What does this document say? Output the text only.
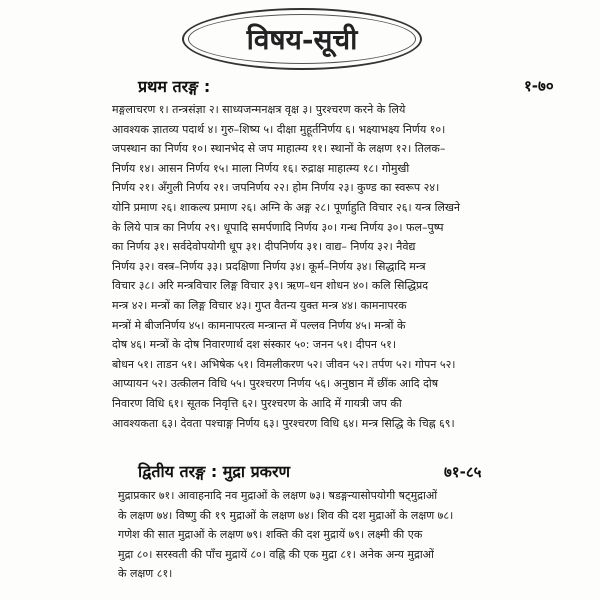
विषय-सूची
प्रथम तरङ्ग :	१-७०
मङ्गलाचरण १। तन्त्रसंज्ञा २। साध्यजन्मनक्षत्र वृक्ष ३। पुरश्चरण करने के लिये
आवश्यक ज्ञातव्य पदार्थ ४। गुरु–शिष्य ५। दीक्षा मुहूर्तनिर्णय ६। भक्ष्याभक्ष्य निर्णय १०।
जपस्थान का निर्णय १०। स्थानभेद से जप माहात्म्य ११। स्थानों के लक्षण १२। तिलक–
निर्णय १४। आसन निर्णय १५। माला निर्णय १६। रुद्राक्ष माहात्म्य १८। गोमुखी
निर्णय २१। अँगुली निर्णय २१। जपनिर्णय २२। होम निर्णय २३। कुण्ड का स्वरूप २४।
योनि प्रमाण २६। शाकल्य प्रमाण २६। अग्नि के अङ्ग २८। पूर्णाहुति विचार २६। यन्त्र लिखने
के लिये पात्र का निर्णय २९। धूपादि समर्पणादि निर्णय ३०। गन्ध निर्णय ३०। फल–पुष्प
का निर्णय ३१। सर्वदेवोपयोगी धूप ३१। दीपनिर्णय ३१। वाद्य– निर्णय ३२। नैवेद्य
निर्णय ३२। वस्त्र–निर्णय ३३। प्रदक्षिणा निर्णय ३४। कूर्म–निर्णय ३४। सिद्धादि मन्त्र
विचार ३८। अरि मन्त्रविचार लिङ्ग विचार ३९। ऋण–धन शोधन ४०। कलि सिद्धिप्रद
मन्त्र ४२। मन्त्रों का लिङ्ग विचार ४३। गुप्त वैतन्य युक्त मन्त्र ४४। कामनापरक
मन्त्रों मे बीजनिर्णय ४५। कामनापरत्व मन्त्रान्त में पल्लव निर्णय ४५। मन्त्रों के
दोष ४६। मन्त्रों के दोष निवारणार्थ दश संस्कार ५०: जनन ५१। दीपन ५१।
बोधन ५१। ताडन ५१। अभिषेक ५१। विमलीकरण ५२। जीवन ५२। तर्पण ५२। गोपन ५२।
आप्यायन ५२। उत्कीलन विधि ५५। पुरश्चरण निर्णय ५६। अनुष्ठान में छींक आदि दोष
निवारण विधि ६१। सूतक निवृत्ति ६२। पुरश्चरण के आदि में गायत्री जप की
आवश्यकता ६३। देवता पश्चाङ्ग निर्णय ६३। पुरश्चरण विधि ६४। मन्त्र सिद्धि के चिह्न ६९।
द्वितीय तरङ्ग : मुद्रा प्रकरण	७१-८५
मुद्राप्रकार ७१। आवाहनादि नव मुद्राओं के लक्षण ७३। षडङ्गन्यासोपयोगी षट्मुद्राओं
के लक्षण ७४। विष्णु की १९ मुद्राओं के लक्षण ७४। शिव की दश मुद्राओं के लक्षण ७८।
गणेश की सात मुद्राओं के लक्षण ७९। शक्ति की दश मुद्रायें ७९। लक्ष्मी की एक
मुद्रा ८०। सरस्वती की पाँच मुद्रायें ८०। वह्नि की एक मुद्रा ८१। अनेक अन्य मुद्राओं
के लक्षण ८१।
